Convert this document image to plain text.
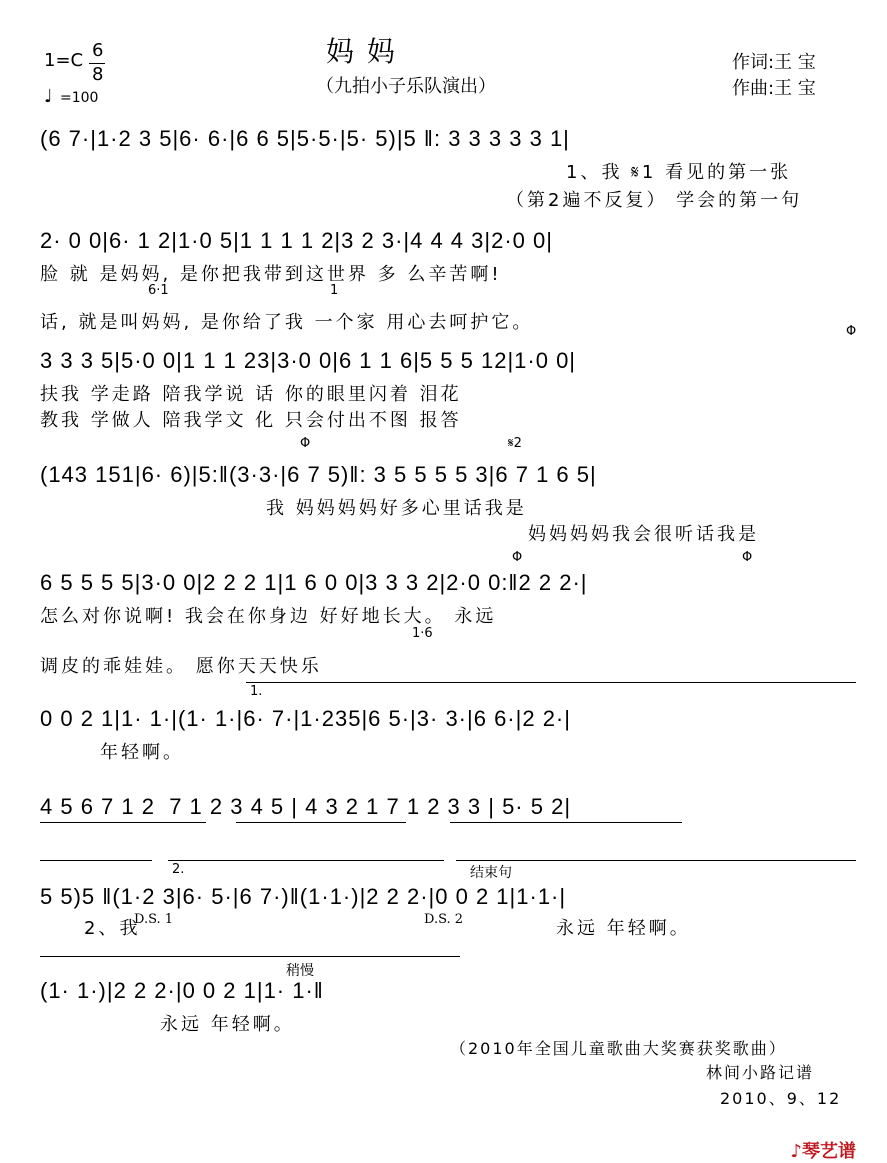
1=C 6
8
♩ =100
妈 妈
（九拍小子乐队演出）
作词:王 宝
作曲:王 宝
(6 7·|1·2 3 5|6· 6·|6 6 5|5·5·|5· 5)|5 ‖: 3 3 3 3 3 1|
1、我 𝄋1 看见的第一张
（第2遍不反复） 学会的第一句
2· 0 0|6· 1 2|1·0 5|1 1 1 1 2|3 2 3·|4 4 4 3|2·0 0|
脸 就 是妈妈, 是你把我带到这世界 多 么辛苦啊!
6·1	1
话, 就是叫妈妈, 是你给了我 一个家 用心去呵护它。
3 3 3 5|5·0 0|1 1 1 23|3·0 0|6 1 1 6|5 5 5 12|1·0 0|
Φ
扶我 学走路 陪我学说 话 你的眼里闪着 泪花
教我 学做人 陪我学文 化 只会付出不图 报答
Φ	𝄋2
(143 151|6· 6)|5:‖(3·3·|6 7 5)‖: 3 5 5 5 5 3|6 7 1 6 5|
我 妈妈妈妈好多心里话我是
妈妈妈妈我会很听话我是
Φ	Φ
6 5 5 5 5|3·0 0|2 2 2 1|1 6 0 0|3 3 3 2|2·0 0:‖2 2 2·|
怎么对你说啊! 我会在你身边 好好地长大。 永远
1·6
调皮的乖娃娃。 愿你天天快乐
1.
0 0 2 1|1· 1·|(1· 1·|6· 7·|1·235|6 5·|3· 3·|6 6·|2 2·|
年轻啊。
4 5 6 7 1 2  7 1 2 3 4 5 | 4 3 2 1 7 1 2 3 3 | 5· 5 2|
2.	结束句
5 5)5 ‖(1·2 3|6· 5·|6 7·)‖(1·1·)|2 2 2·|0 0 2 1|1·1·|
2、我
D.S. 1	D.S. 2	永远 年轻啊。
稍慢
(1· 1·)|2 2 2·|0 0 2 1|1· 1·‖
永远 年轻啊。
（2010年全国儿童歌曲大奖赛获奖歌曲）
林间小路记谱
2010、9、12

♪琴艺谱
